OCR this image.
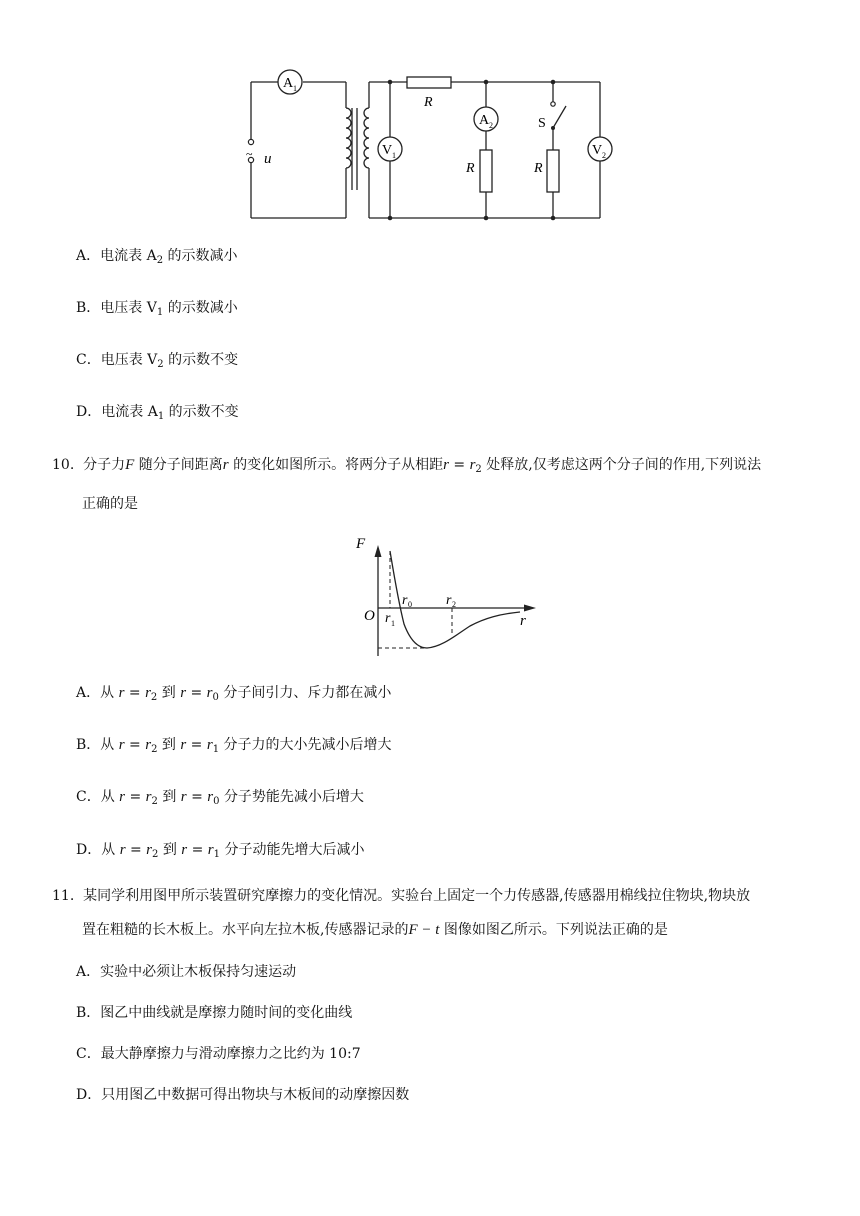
A 1
V 1
A 2
V 2
R
R	R
S
~ u
A．电流表 $A_2$ 的示数减小
B．电压表 $V_1$ 的示数减小
C．电压表 $V_2$ 的示数不变
D．电流表 $A_1$ 的示数不变
10. 分子力F 随分子间距离r 的变化如图所示。将两分子从相距$r = r_2$ 处释放,仅考虑这两个分子间的作用,下列说法
正确的是
F
r
O
r 0
r 1
r 2
A．从 $r = r_2$ 到 $r = r_0$ 分子间引力、斥力都在减小
B．从 $r = r_2$ 到 $r = r_1$ 分子力的大小先减小后增大
C．从 $r = r_2$ 到 $r = r_0$ 分子势能先减小后增大
D．从 $r = r_2$ 到 $r = r_1$ 分子动能先增大后减小
11. 某同学利用图甲所示装置研究摩擦力的变化情况。实验台上固定一个力传感器,传感器用棉线拉住物块,物块放
置在粗糙的长木板上。水平向左拉木板,传感器记录的F − t 图像如图乙所示。下列说法正确的是
A．实验中必须让木板保持匀速运动
B．图乙中曲线就是摩擦力随时间的变化曲线
C．最大静摩擦力与滑动摩擦力之比约为 10:7
D．只用图乙中数据可得出物块与木板间的动摩擦因数
